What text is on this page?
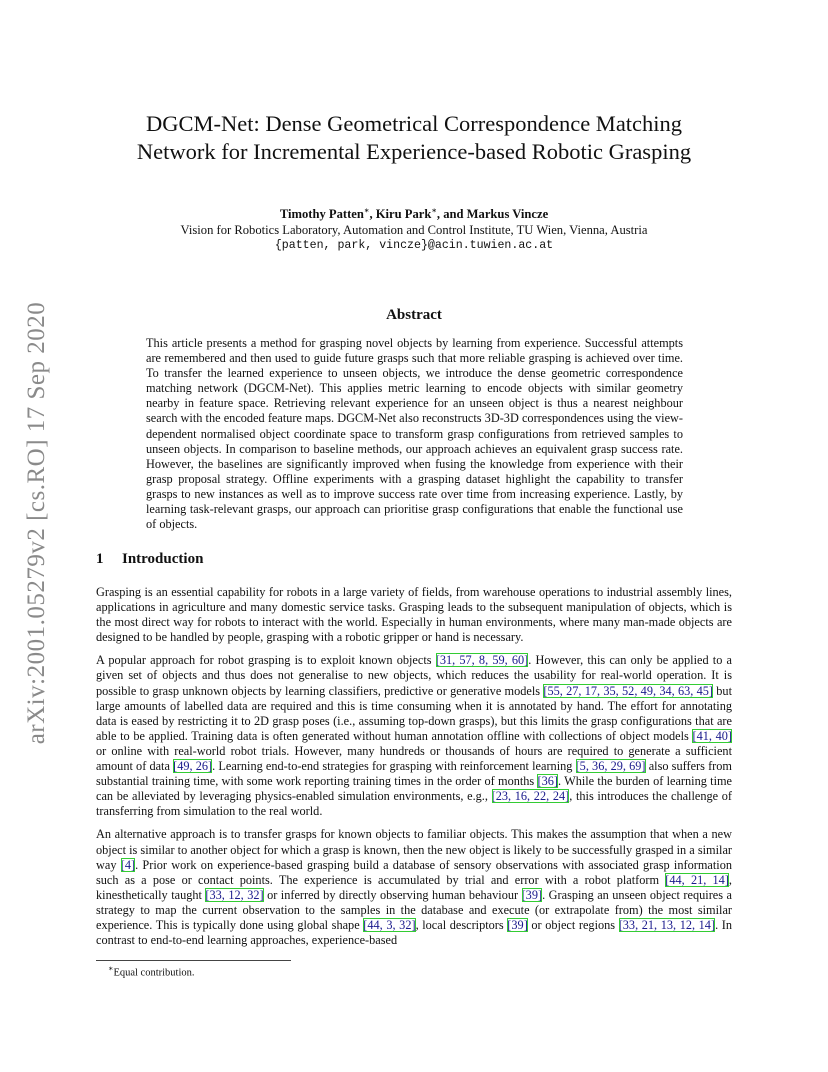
arXiv:2001.05279v2 [cs.RO] 17 Sep 2020
DGCM-Net: Dense Geometrical Correspondence Matching
Network for Incremental Experience-based Robotic Grasping
Timothy Patten∗, Kiru Park∗, and Markus Vincze
Vision for Robotics Laboratory, Automation and Control Institute, TU Wien, Vienna, Austria
{patten, park, vincze}@acin.tuwien.ac.at
Abstract

This article presents a method for grasping novel objects by learning from experience. Successful attempts are remembered and then used to guide future grasps such that more reliable grasping is achieved over time. To transfer the learned experience to unseen objects, we introduce the dense geometric correspondence matching network (DGCM-Net). This applies metric learning to encode objects with similar geometry nearby in feature space. Retrieving relevant experience for an unseen object is thus a nearest neighbour search with the encoded feature maps. DGCM-Net also reconstructs 3D-3D correspondences using the view-dependent normalised object coordinate space to transform grasp configurations from retrieved samples to unseen objects. In comparison to baseline methods, our approach achieves an equivalent grasp success rate. However, the baselines are significantly improved when fusing the knowledge from experience with their grasp proposal strategy. Offline experiments with a grasping dataset highlight the capability to transfer grasps to new instances as well as to improve success rate over time from increasing experience. Lastly, by learning task-relevant grasps, our approach can prioritise grasp configurations that enable the functional use of objects.

1 Introduction

Grasping is an essential capability for robots in a large variety of fields, from warehouse operations to industrial assembly lines, applications in agriculture and many domestic service tasks. Grasping leads to the subsequent manipulation of objects, which is the most direct way for robots to interact with the world. Especially in human environments, where many man-made objects are designed to be handled by people, grasping with a robotic gripper or hand is necessary.

A popular approach for robot grasping is to exploit known objects [31, 57, 8, 59, 60]. However, this can only be applied to a given set of objects and thus does not generalise to new objects, which reduces the usability for real-world operation. It is possible to grasp unknown objects by learning classifiers, predictive or generative models [55, 27, 17, 35, 52, 49, 34, 63, 45] but large amounts of labelled data are required and this is time consuming when it is annotated by hand. The effort for annotating data is eased by restricting it to 2D grasp poses (i.e., assuming top-down grasps), but this limits the grasp configurations that are able to be applied. Training data is often generated without human annotation offline with collections of object models [41, 40] or online with real-world robot trials. However, many hundreds or thousands of hours are required to generate a sufficient amount of data [49, 26]. Learning end-to-end strategies for grasping with reinforcement learning [5, 36, 29, 69] also suffers from substantial training time, with some work reporting training times in the order of months [36]. While the burden of learning time can be alleviated by leveraging physics-enabled simulation environments, e.g., [23, 16, 22, 24], this introduces the challenge of transferring from simulation to the real world.

An alternative approach is to transfer grasps for known objects to familiar objects. This makes the assumption that when a new object is similar to another object for which a grasp is known, then the new object is likely to be successfully grasped in a similar way [4]. Prior work on experience-based grasping build a database of sensory observations with associated grasp information such as a pose or contact points. The experience is accumulated by trial and error with a robot platform [44, 21, 14], kinesthetically taught [33, 12, 32] or inferred by directly observing human behaviour [39]. Grasping an unseen object requires a strategy to map the current observation to the samples in the database and execute (or extrapolate from) the most similar experience. This is typically done using global shape [44, 3, 32], local descriptors [39] or object regions [33, 21, 13, 12, 14]. In contrast to end-to-end learning approaches, experience-based

∗Equal contribution.
